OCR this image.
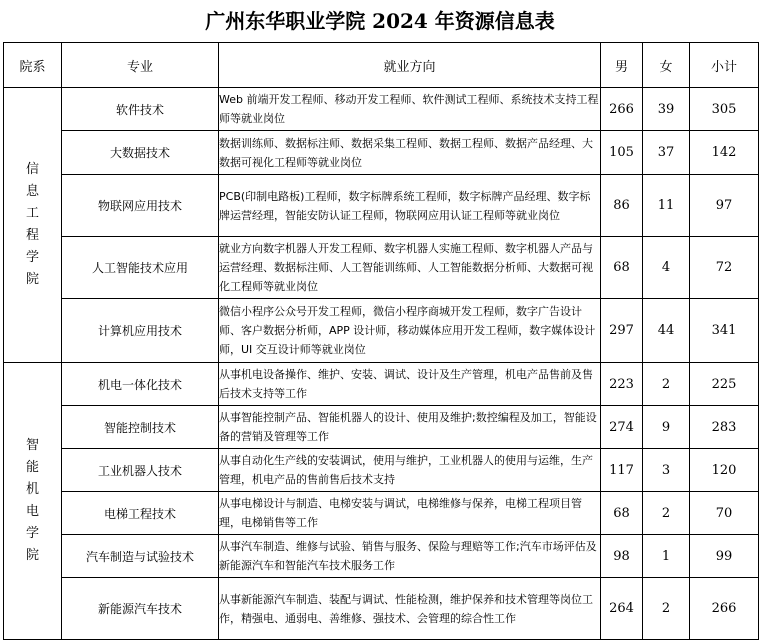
广州东华职业学院 2024 年资源信息表
院系	专业	就业方向	男	女	小计

信息工程学院	软件技术	Web 前端开发工程师、移动开发工程师、软件测试工程师、系统技术支持工程师等就业岗位	266	39	305
	大数据技术	数据训练师、数据标注师、数据采集工程师、数据工程师、数据产品经理、大数据可视化工程师等就业岗位	105	37	142
	物联网应用技术	PCB(印制电路板)工程师，数字标牌系统工程师，数字标牌产品经理、数字标牌运营经理，智能安防认证工程师，物联网应用认证工程师等就业岗位	86	11	97
	人工智能技术应用	就业方向数字机器人开发工程师、数字机器人实施工程师、数字机器人产品与运营经理、数据标注师、人工智能训练师、人工智能数据分析师、大数据可视化工程师等就业岗位	68	4	72
	计算机应用技术	微信小程序公众号开发工程师，微信小程序商城开发工程师，数字广告设计师、客户数据分析师，APP 设计师，移动媒体应用开发工程师，数字媒体设计师，UI 交互设计师等就业岗位	297	44	341

智能机电学院	机电一体化技术	从事机电设备操作、维护、安装、调试、设计及生产管理，机电产品售前及售后技术支持等工作	223	2	225
	智能控制技术	从事智能控制产品、智能机器人的设计、使用及维护;数控编程及加工，智能设备的营销及管理等工作	274	9	283
	工业机器人技术	从事自动化生产线的安装调试，使用与维护，工业机器人的使用与运维，生产管理，机电产品的售前售后技术支持	117	3	120
	电梯工程技术	从事电梯设计与制造、电梯安装与调试，电梯维修与保养，电梯工程项目管理，电梯销售等工作	68	2	70
	汽车制造与试验技术	从事汽车制造、维修与试验、销售与服务、保险与理赔等工作;汽车市场评估及新能源汽车和智能汽车技术服务工作	98	1	99
	新能源汽车技术	从事新能源汽车制造、装配与调试、性能检测，维护保养和技术管理等岗位工作，精强电、通弱电、善维修、强技术、会管理的综合性工作	264	2	266
